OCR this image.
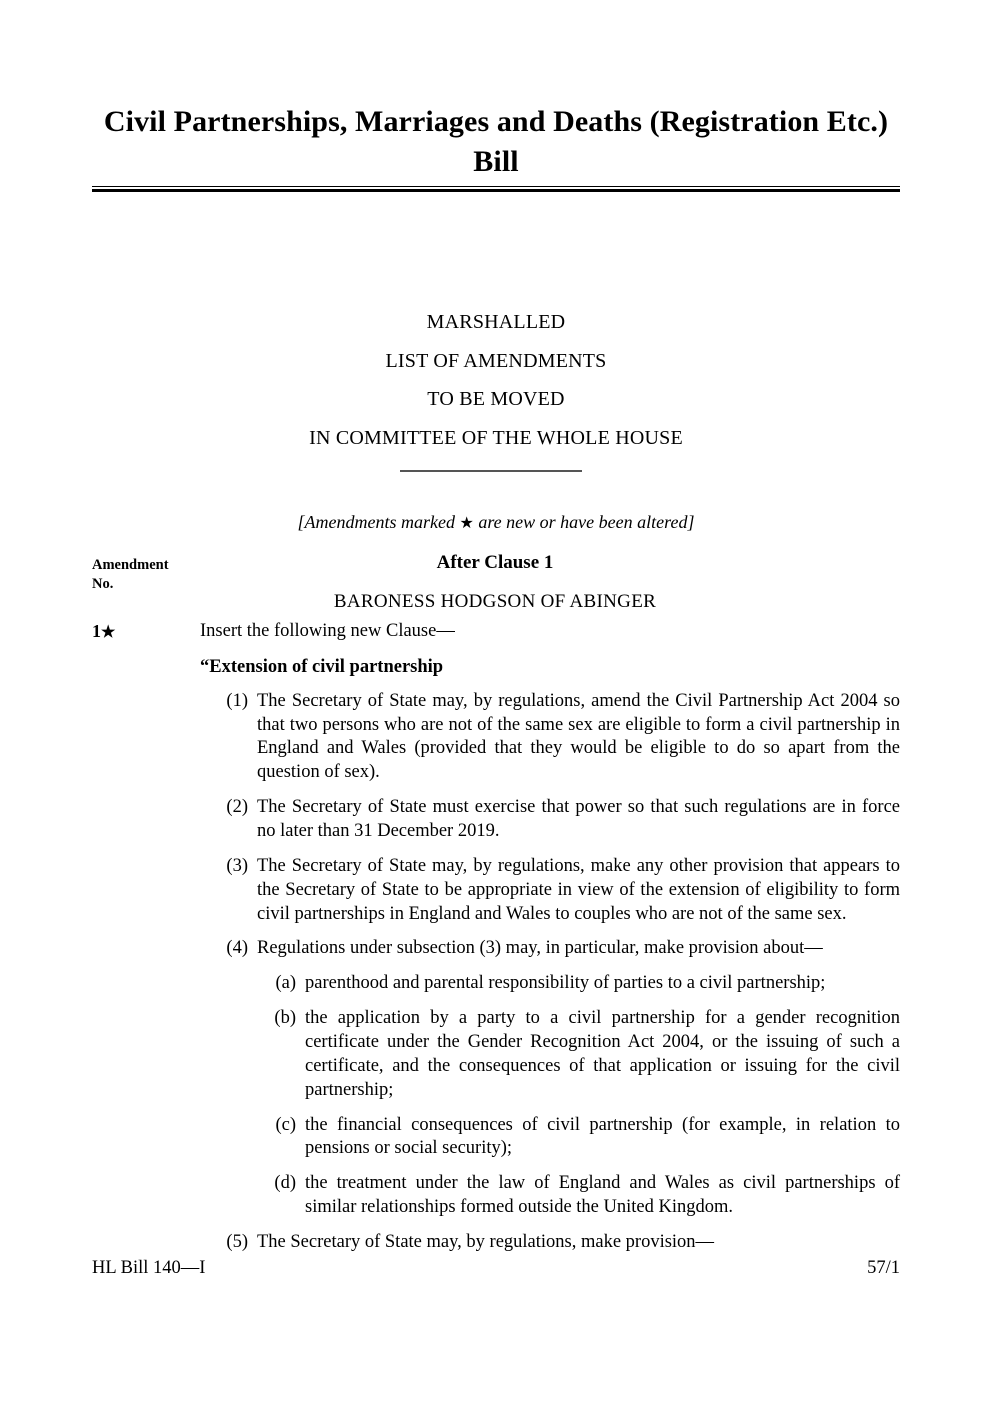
Civil Partnerships, Marriages and Deaths (Registration Etc.) Bill
MARSHALLED
LIST OF AMENDMENTS
TO BE MOVED
IN COMMITTEE OF THE WHOLE HOUSE
[Amendments marked ★ are new or have been altered]
Amendment
No.
After Clause 1
BARONESS HODGSON OF ABINGER
1★	Insert the following new Clause—

“Extension of civil partnership

(1) The Secretary of State may, by regulations, amend the Civil Partnership Act 2004 so that two persons who are not of the same sex are eligible to form a civil partnership in England and Wales (provided that they would be eligible to do so apart from the question of sex).
(2) The Secretary of State must exercise that power so that such regulations are in force no later than 31 December 2019.
(3) The Secretary of State may, by regulations, make any other provision that appears to the Secretary of State to be appropriate in view of the extension of eligibility to form civil partnerships in England and Wales to couples who are not of the same sex.
(4) Regulations under subsection (3) may, in particular, make provision about—
(a) parenthood and parental responsibility of parties to a civil partnership;
(b) the application by a party to a civil partnership for a gender recognition certificate under the Gender Recognition Act 2004, or the issuing of such a certificate, and the consequences of that application or issuing for the civil partnership;
(c) the financial consequences of civil partnership (for example, in relation to pensions or social security);
(d) the treatment under the law of England and Wales as civil partnerships of similar relationships formed outside the United Kingdom.
(5) The Secretary of State may, by regulations, make provision—
HL Bill 140—I	57/1
